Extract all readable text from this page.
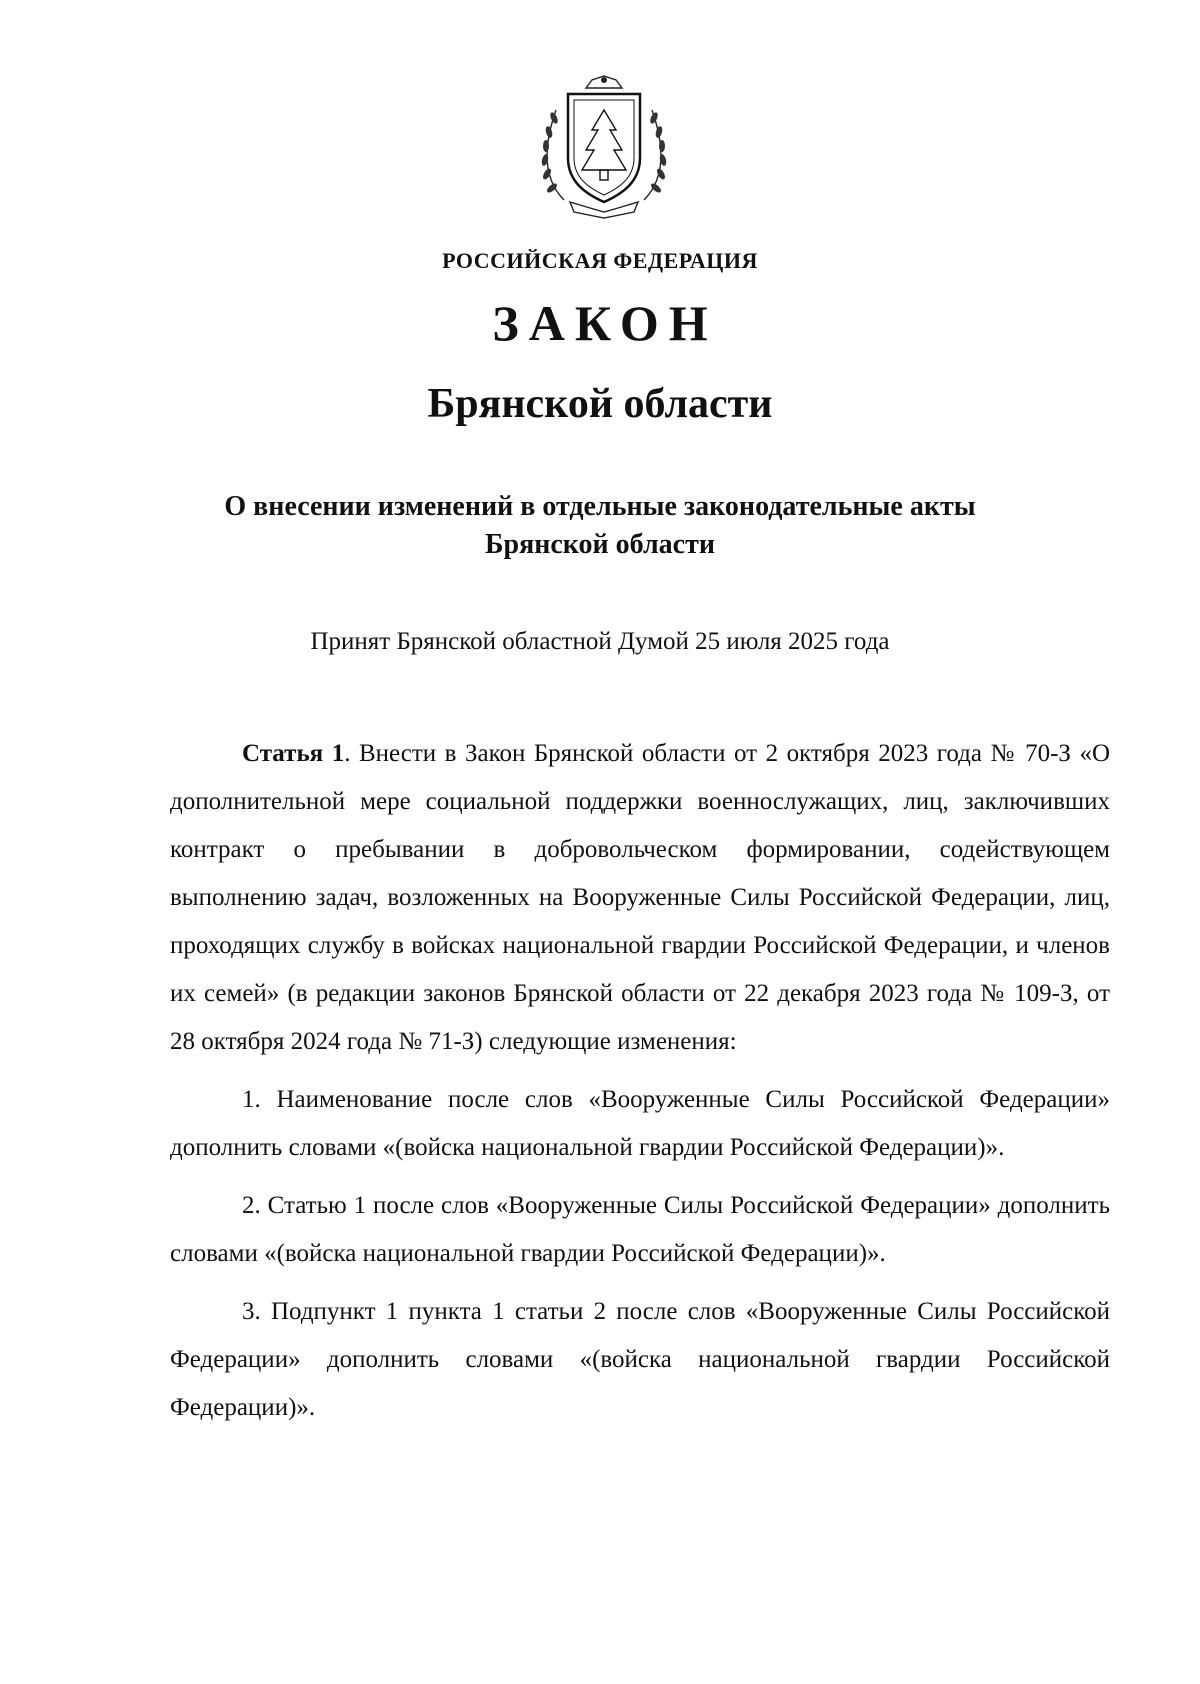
РОССИЙСКАЯ ФЕДЕРАЦИЯ
ЗАКОН
Брянской области
О внесении изменений в отдельные законодательные акты
Брянской области
Принят Брянской областной Думой 25 июля 2025 года

Статья 1. Внести в Закон Брянской области от 2 октября 2023 года № 70-З «О дополнительной мере социальной поддержки военнослужащих, лиц, заключивших контракт о пребывании в добровольческом формировании, содействующем выполнению задач, возложенных на Вооруженные Силы Российской Федерации, лиц, проходящих службу в войсках национальной гвардии Российской Федерации, и членов их семей» (в редакции законов Брянской области от 22 декабря 2023 года № 109-З, от 28 октября 2024 года № 71-З) следующие изменения:

1. Наименование после слов «Вооруженные Силы Российской Федерации» дополнить словами «(войска национальной гвардии Российской Федерации)».

2. Статью 1 после слов «Вооруженные Силы Российской Федерации» дополнить словами «(войска национальной гвардии Российской Федерации)».

3. Подпункт 1 пункта 1 статьи 2 после слов «Вооруженные Силы Российской Федерации» дополнить словами «(войска национальной гвардии Российской Федерации)».
